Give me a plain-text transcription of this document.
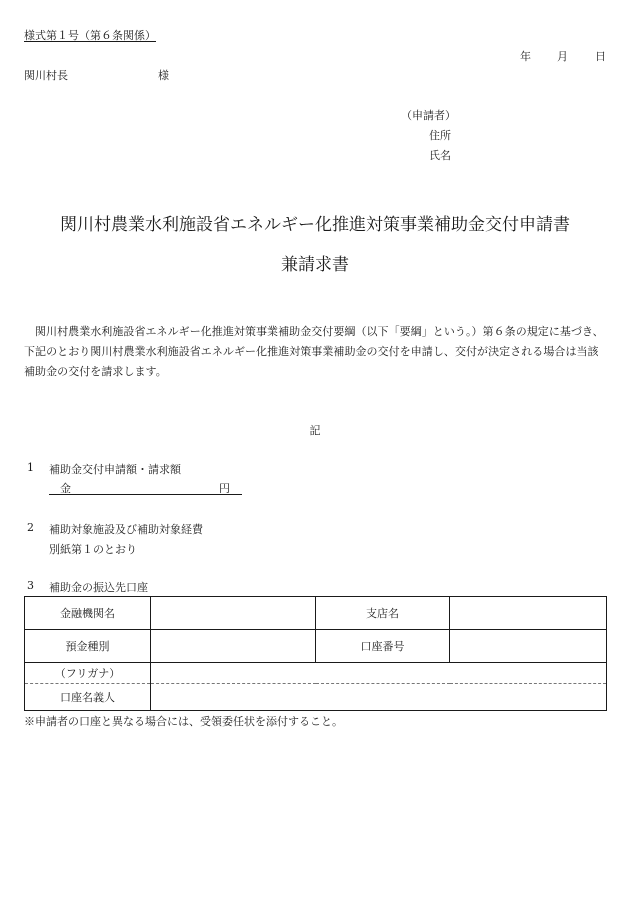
様式第１号（第６条関係）
年 月 日
関川村長	様
（申請者）
住所
氏名
関川村農業水利施設省エネルギー化推進対策事業補助金交付申請書
兼請求書
関川村農業水利施設省エネルギー化推進対策事業補助金交付要綱（以下「要綱」という。）第６条の規定に基づき、下記のとおり関川村農業水利施設省エネルギー化推進対策事業補助金の交付を申請し、交付が決定される場合は当該補助金の交付を請求します。
記
1 補助金交付申請額・請求額
金	円
2 補助対象施設及び補助対象経費
別紙第１のとおり
3 補助金の振込先口座
金融機関名		支店名	
預金種別		口座番号	
（フリガナ）			
口座名義人			
※申請者の口座と異なる場合には、受領委任状を添付すること。
